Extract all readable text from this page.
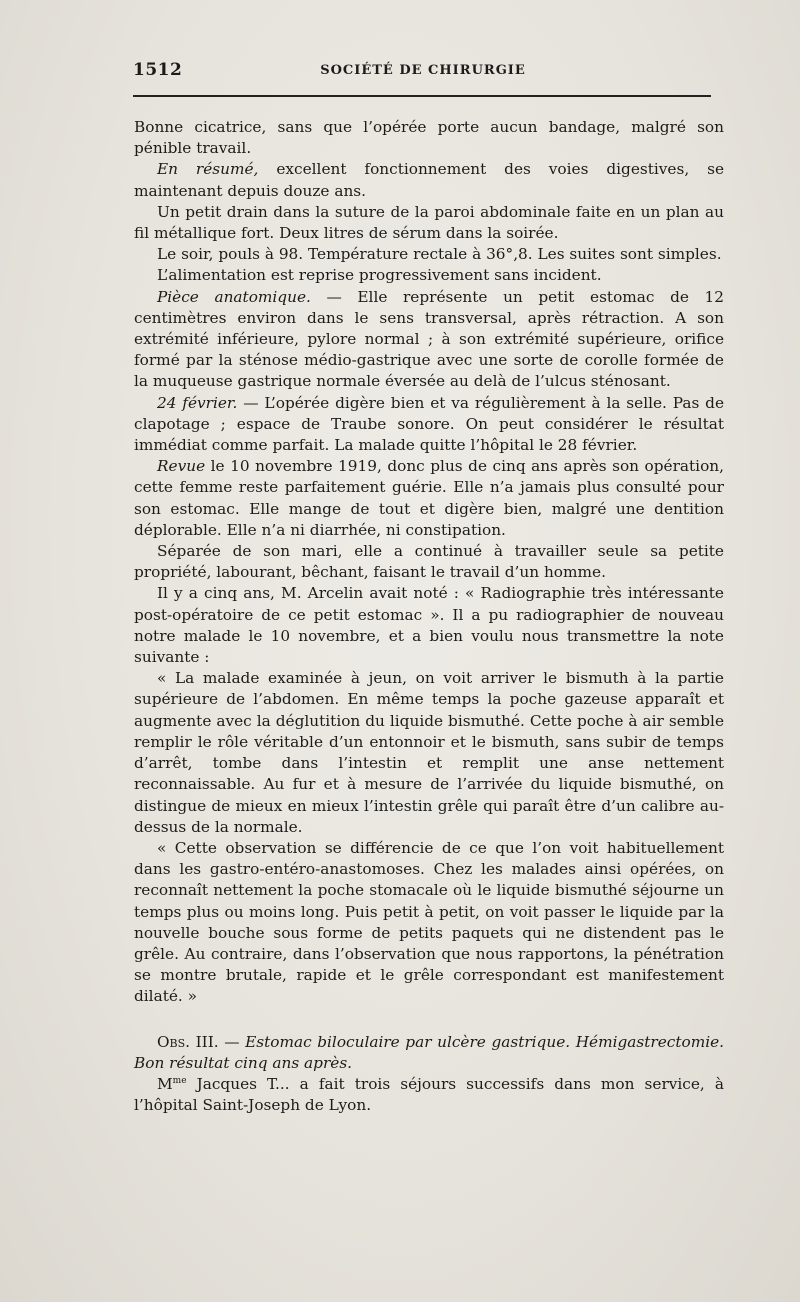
1512	SOCIÉTÉ DE CHIRURGIE

Bonne cicatrice, sans que l’opérée porte aucun bandage, malgré son pénible travail.

En résumé, excellent fonctionnement des voies digestives, se maintenant depuis douze ans.

Un petit drain dans la suture de la paroi abdominale faite en un plan au fil métallique fort. Deux litres de sérum dans la soirée.

Le soir, pouls à 98. Température rectale à 36°,8. Les suites sont simples.

L’alimentation est reprise progressivement sans incident.

Pièce anatomique. — Elle représente un petit estomac de 12 centimètres environ dans le sens transversal, après rétraction. A son extrémité inférieure, pylore normal ; à son extrémité supérieure, orifice formé par la sténose médio-gastrique avec une sorte de corolle formée de la muqueuse gastrique normale éversée au delà de l’ulcus sténosant.

24 février. — L’opérée digère bien et va régulièrement à la selle. Pas de clapotage ; espace de Traube sonore. On peut considérer le résultat immédiat comme parfait. La malade quitte l’hôpital le 28 février.

Revue le 10 novembre 1919, donc plus de cinq ans après son opération, cette femme reste parfaitement guérie. Elle n’a jamais plus consulté pour son estomac. Elle mange de tout et digère bien, malgré une dentition déplorable. Elle n’a ni diarrhée, ni constipation.

Séparée de son mari, elle a continué à travailler seule sa petite propriété, labourant, bêchant, faisant le travail d’un homme.

Il y a cinq ans, M. Arcelin avait noté : « Radiographie très intéressante post-opératoire de ce petit estomac ». Il a pu radiographier de nouveau notre malade le 10 novembre, et a bien voulu nous transmettre la note suivante :

« La malade examinée à jeun, on voit arriver le bismuth à la partie supérieure de l’abdomen. En même temps la poche gazeuse apparaît et augmente avec la déglutition du liquide bismuthé. Cette poche à air semble remplir le rôle véritable d’un entonnoir et le bismuth, sans subir de temps d’arrêt, tombe dans l’intestin et remplit une anse nettement reconnaissable. Au fur et à mesure de l’arrivée du liquide bismuthé, on distingue de mieux en mieux l’intestin grêle qui paraît être d’un calibre au-dessus de la normale.

« Cette observation se différencie de ce que l’on voit habituellement dans les gastro-entéro-anastomoses. Chez les malades ainsi opérées, on reconnaît nettement la poche stomacale où le liquide bismuthé séjourne un temps plus ou moins long. Puis petit à petit, on voit passer le liquide par la nouvelle bouche sous forme de petits paquets qui ne distendent pas le grêle. Au contraire, dans l’observation que nous rapportons, la pénétration se montre brutale, rapide et le grêle correspondant est manifestement dilaté. »

Obs. III. — Estomac biloculaire par ulcère gastrique. Hémigastrectomie. Bon résultat cinq ans après.

$M^{me}$ Jacques T... a fait trois séjours successifs dans mon service, à l’hôpital Saint-Joseph de Lyon.
